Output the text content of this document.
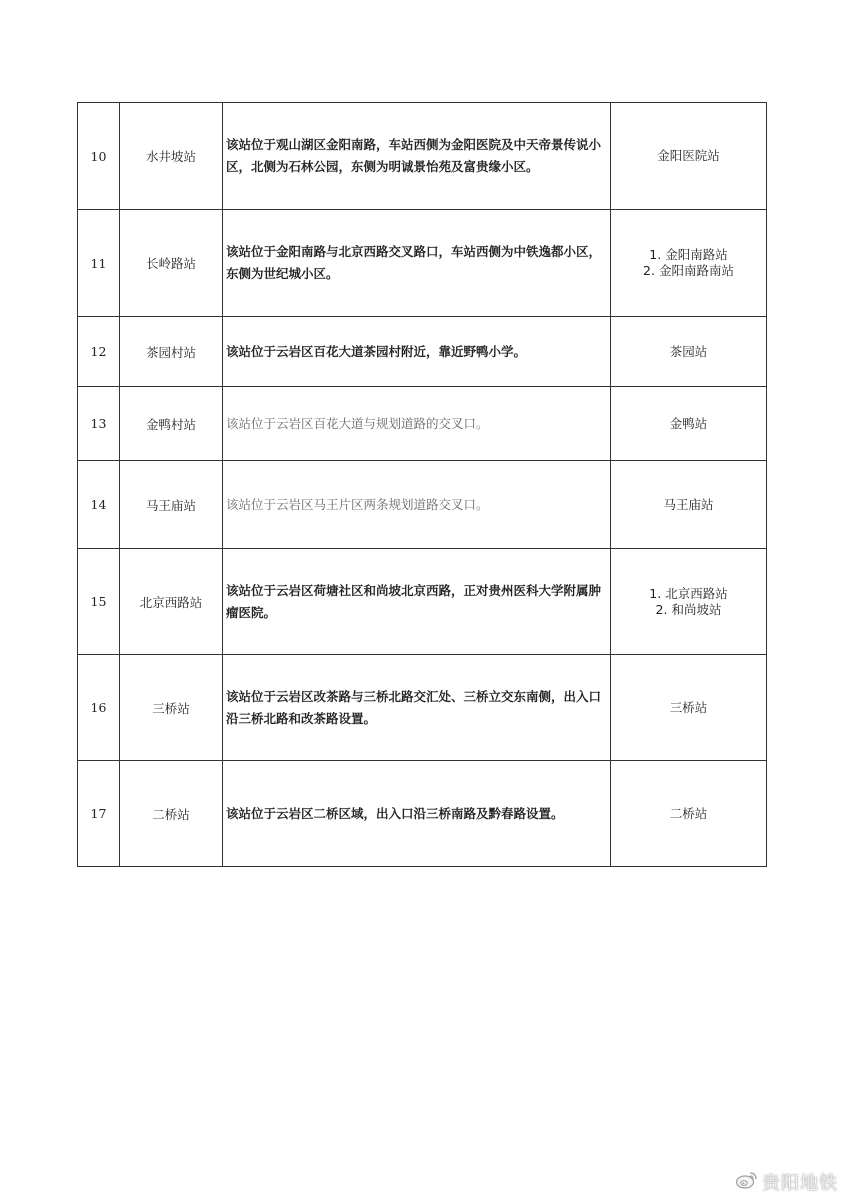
10	水井坡站	该站位于观山湖区金阳南路，车站西侧为金阳医院及中天帝景传说小区，北侧为石林公园，东侧为明诚景怡苑及富贵缘小区。	金阳医院站

11	长岭路站	该站位于金阳南路与北京西路交叉路口，车站西侧为中铁逸都小区，东侧为世纪城小区。	1. 金阳南路站
2. 金阳南路南站

12	茶园村站	该站位于云岩区百花大道茶园村附近，靠近野鸭小学。	茶园站

13	金鸭村站	该站位于云岩区百花大道与规划道路的交叉口。	金鸭站

14	马王庙站	该站位于云岩区马王片区两条规划道路交叉口。	马王庙站

15	北京西路站	该站位于云岩区荷塘社区和尚坡北京西路，正对贵州医科大学附属肿瘤医院。	1. 北京西路站
2. 和尚坡站

16	三桥站	该站位于云岩区改茶路与三桥北路交汇处、三桥立交东南侧，出入口沿三桥北路和改茶路设置。	三桥站

17	二桥站	该站位于云岩区二桥区域，出入口沿三桥南路及黔春路设置。	二桥站
贵阳地铁
